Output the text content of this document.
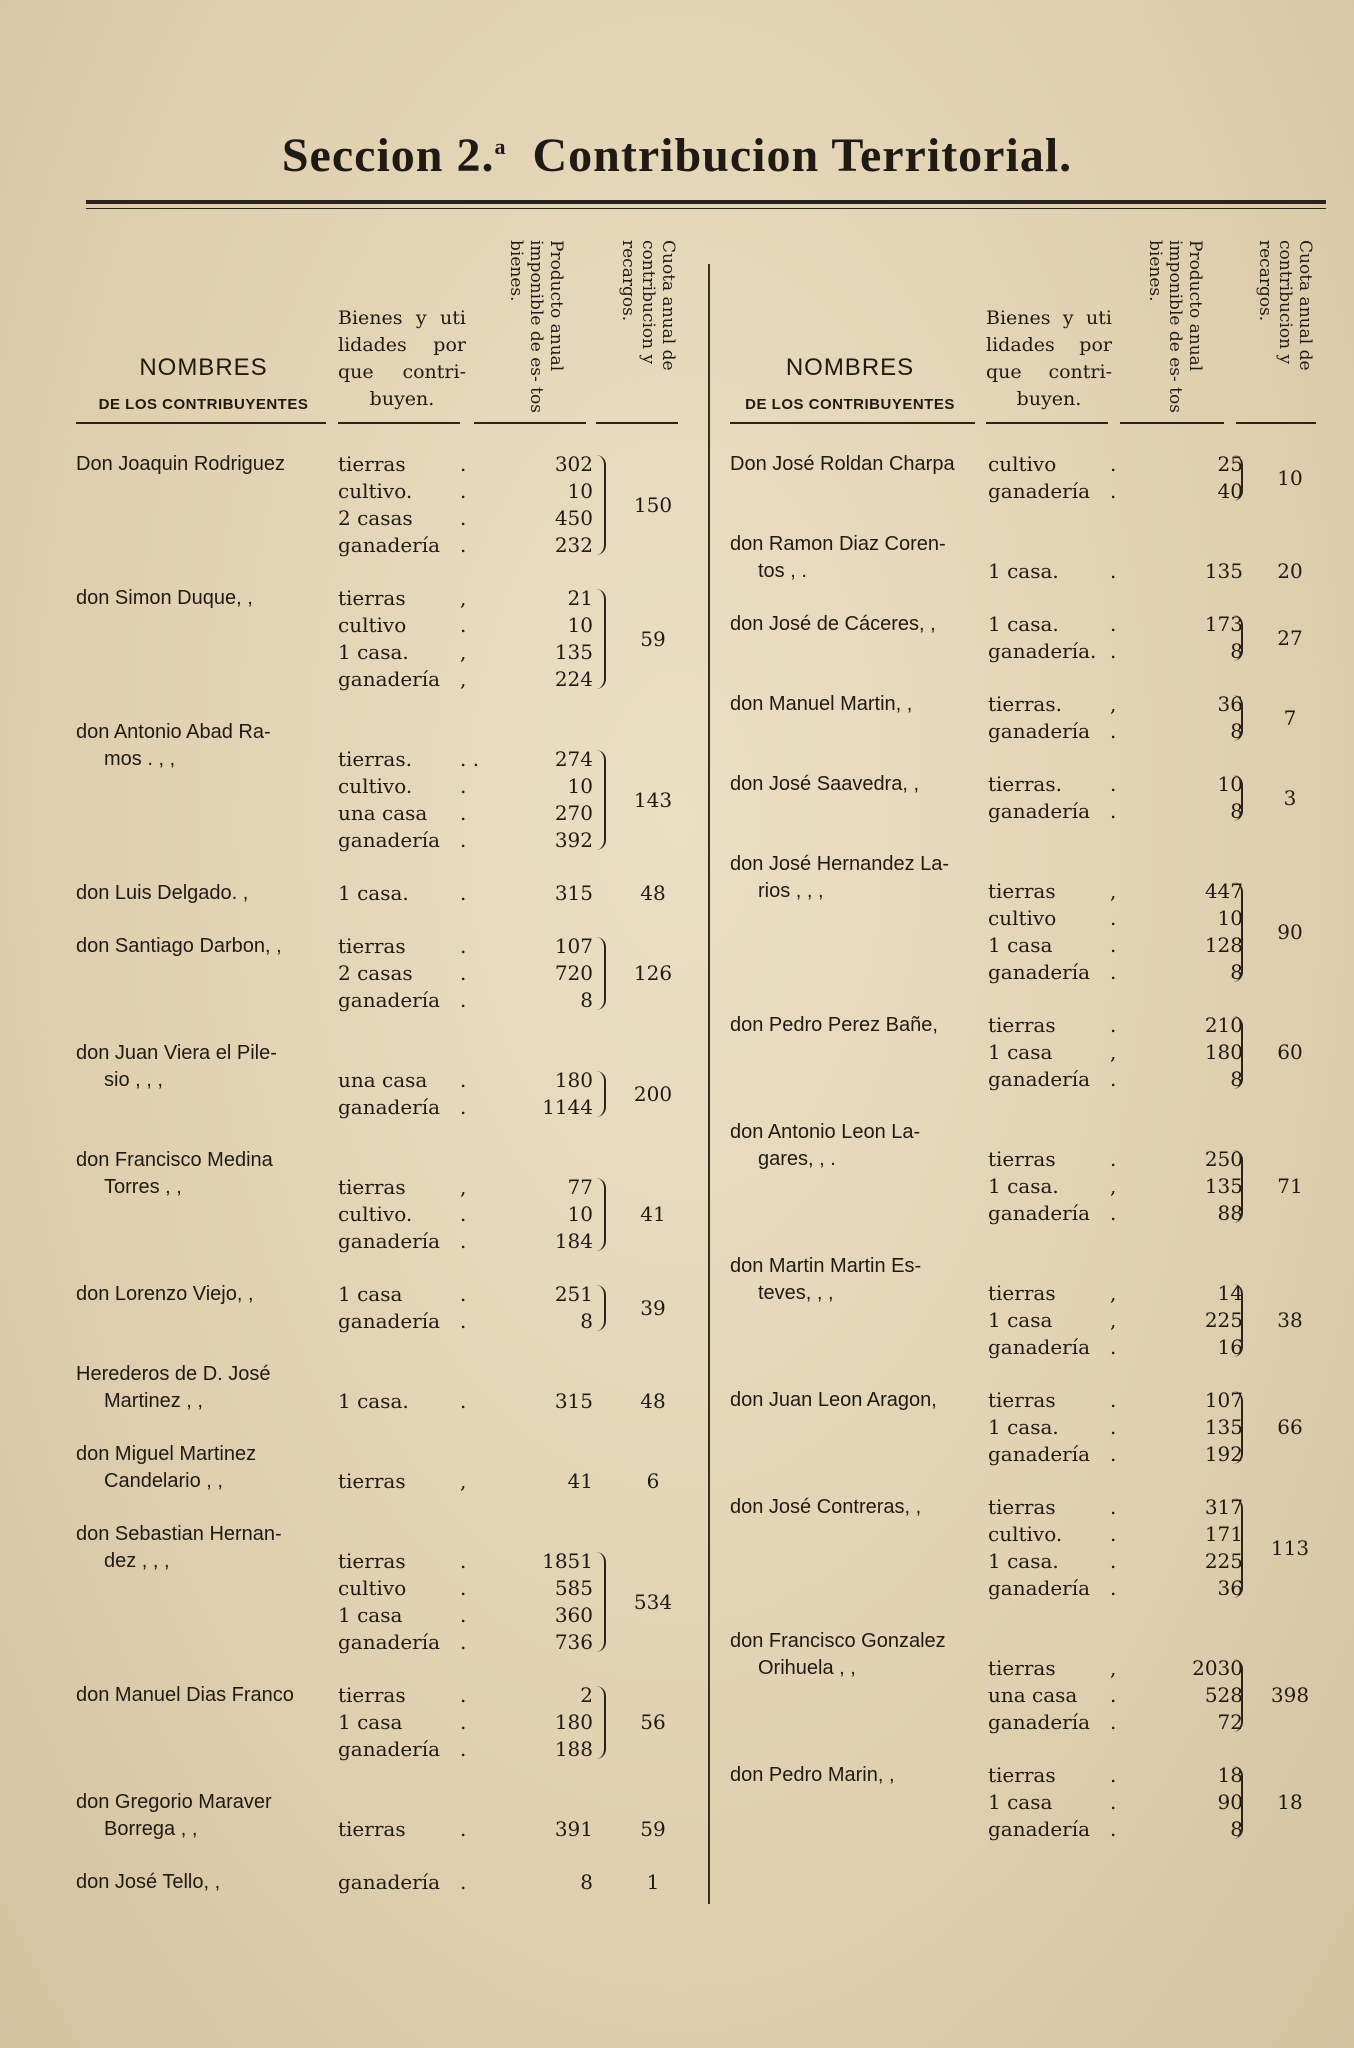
Seccion 2.$^a$ Contribucion Territorial.
NOMBRES
DE LOS CONTRIBUYENTES
Bienes y uti lidades por que contri- buyen.
Producto anual imponible de es- tos bienes.	Cuota anual de contribucion y recargos.
Don Joaquin Rodriguez	tierras	.	302
cultivo.	.	10
2 casas	.	450
ganadería .	232
150
don Simon Duque, ,	tierras	,	21
cultivo	.	10
1 casa.	,	135
ganadería ,	224
59
don Antonio Abad Ra-
mos . , ,	tierras.	. .	274
cultivo.	.	10
una casa	.	270
ganadería .	392
143
don Luis Delgado. ,	1 casa.	.	315	48
don Santiago Darbon, ,	tierras	.	107
2 casas	.	720
ganadería .	8
126
don Juan Viera el Pile-
sio , , ,	una casa	.	180
ganadería .	1144
200
don Francisco Medina
Torres , ,	tierras	,	77
cultivo.	.	10
ganadería .	184
41
don Lorenzo Viejo, ,	1 casa	.	251
ganadería .	8
39
Herederos de D. José
Martinez , ,	1 casa.	.	315	48
don Miguel Martinez
Candelario , ,	tierras	,	41	6
don Sebastian Hernan-
dez , , ,	tierras	.	1851
cultivo	.	585
1 casa	.	360
ganadería .	736
534
don Manuel Dias Franco	tierras	.	2
1 casa	.	180
ganadería .	188
56
don Gregorio Maraver
Borrega , ,	tierras	.	391	59
don José Tello, ,	ganadería .	8	1
NOMBRES
DE LOS CONTRIBUYENTES
Bienes y uti lidades por que contri- buyen.
Producto anual imponible de es- tos bienes.	Cuota anual de contribucion y recargos.
Don José Roldan Charpa	cultivo	.	25
ganadería .	40
10
don Ramon Diaz Coren-
tos , .	1 casa.	.	135	20
don José de Cáceres, ,	1 casa.	.	173
ganadería. .	8
27
don Manuel Martin, ,	tierras.	,	36
ganadería .	8
7
don José Saavedra, ,	tierras.	.	10
ganadería .	8
3
don José Hernandez La-
rios , , ,	tierras	,	447
cultivo	.	10
1 casa	.	128
ganadería .	8
90
don Pedro Perez Bañe,	tierras	.	210
1 casa	,	180
ganadería .	8
60
don Antonio Leon La-
gares, , .	tierras	.	250
1 casa.	,	135
ganadería .	88
71
don Martin Martin Es-
teves, , ,	tierras	,	14
1 casa	,	225
ganadería .	16
38
don Juan Leon Aragon,	tierras	.	107
1 casa.	.	135
ganadería .	192
66
don José Contreras, ,	tierras	.	317
cultivo.	.	171
1 casa.	.	225
ganadería .	36
113
don Francisco Gonzalez
Orihuela , ,	tierras	,	2030
una casa	.	528
ganadería .	72
398
don Pedro Marin, ,	tierras	.	18
1 casa	.	90
ganadería .	8
18
